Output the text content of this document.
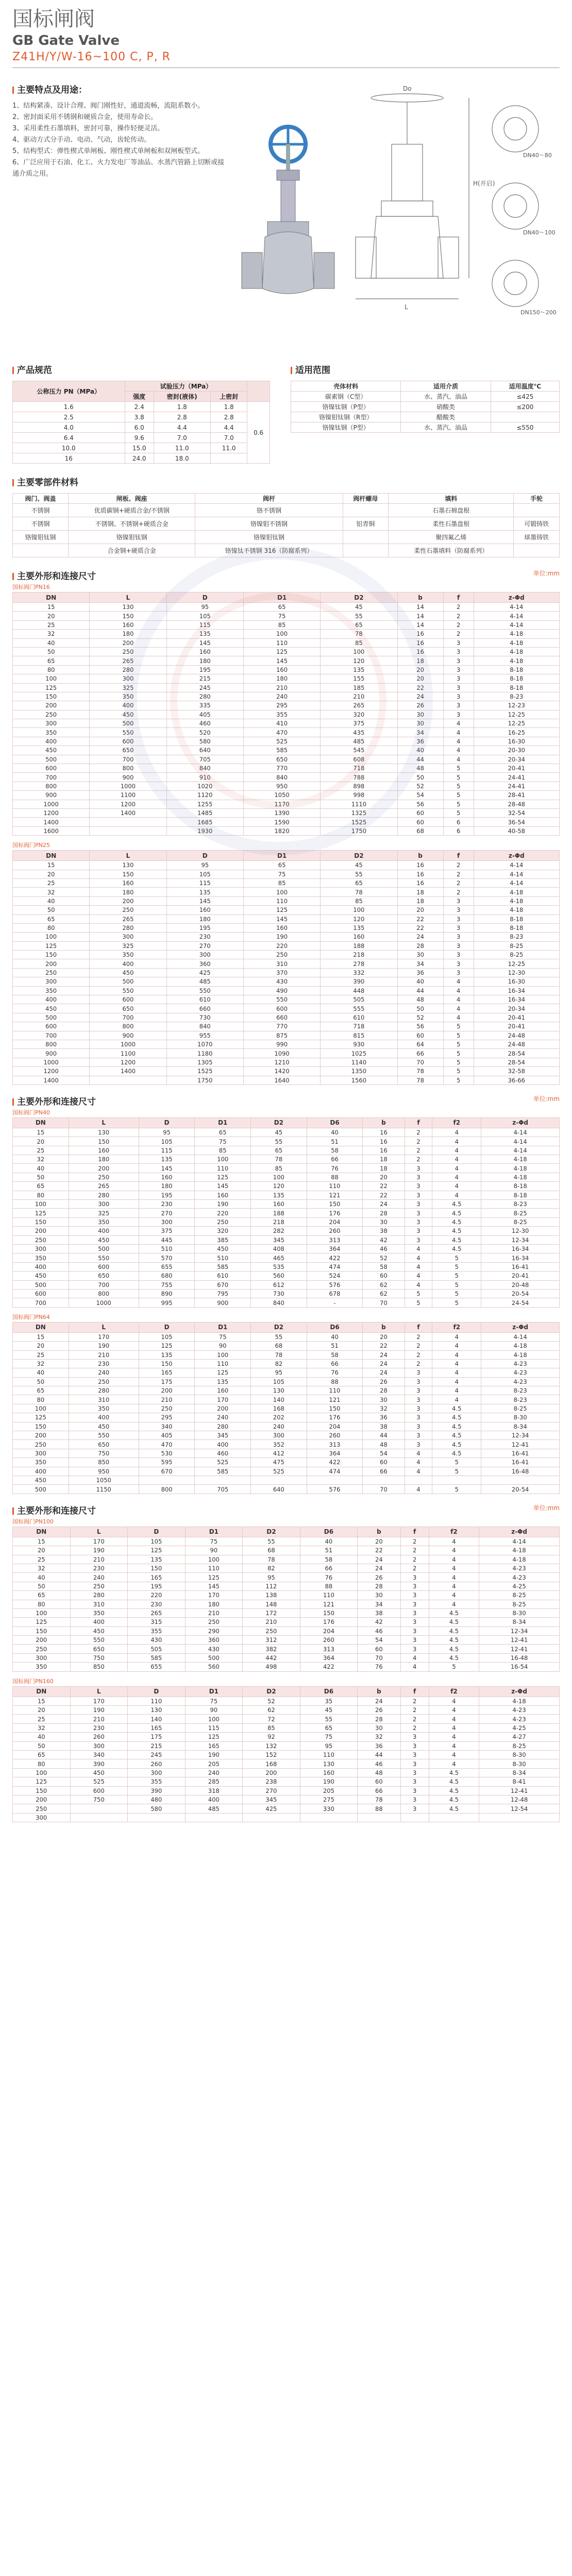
国标闸阀
GB Gate Valve
Z41H/Y/W-16~100 C, P, R
主要特点及用途：
1、结构紧凑、设计合理、阀门刚性好，通道流畅，流阻系数小。
2、密封面采用不锈钢和硬质合金，使用寿命长。
3、采用柔性石墨填料，密封可靠，操作轻便灵活。
4、驱动方式分手动、电动、气动，齿轮传动。
5、结构型式：弹性楔式单闸板、刚性楔式单闸板和双闸板型式。
6、广泛应用于石油、化工、火力发电厂等油品、水蒸汽管路上切断或接通介质之用。
Do
H(开启)
L
DN40～80
DN40～100
DN150～200
产品规范
公称压力 PN（MPa）	试验压力（MPa）			
	强度	密封(液体)	上密封	
1.6	2.4	1.8	1.8	0.6
2.5	3.8	2.8	2.8	
4.0	6.0	4.4	4.4	
6.4	9.6	7.0	7.0	
10.0	15.0	11.0	11.0	
16	24.0	18.0		
适用范围
壳体材料	适用介质	适用温度℃
碳素钢（C型）	水、蒸汽、油品	≤425
铬镍钛钢（P型）	硝酸类	≤200
铬镍钼钛钢（R型）	醋酸类	
铬镍钛钢（P型）	水、蒸汽、油品	≤550
主要零部件材料
阀门、阀盖	闸板、阀座	阀杆	阀杆螺母	填料	手轮
不锈钢	优质碳钢+硬质合金/不锈钢	铬不锈钢		石墨石棉盘根	
不锈钢	不锈钢、不锈钢+硬质合金	铬镍钼不锈钢	铝青铜	柔性石墨盘根	可锻铸铁
铬镍钼钛钢	铬镍钼钛钢	铬镍钼钛钢		聚四氟乙烯	球墨铸铁
	合金钢+硬质合金	铬镍钛不锈钢 316（防腐系列）		柔性石墨填料（防腐系列）	
主要外形和连接尺寸	单位:mm
国标阀门PN16
DN	L	D	D1	D2	b	f	z-Φd
15	130	95	65	45	14	2	4-14
20	150	105	75	55	14	2	4-14
25	160	115	85	65	14	2	4-14
32	180	135	100	78	16	2	4-18
40	200	145	110	85	16	3	4-18
50	250	160	125	100	16	3	4-18
65	265	180	145	120	18	3	4-18
80	280	195	160	135	20	3	8-18
100	300	215	180	155	20	3	8-18
125	325	245	210	185	22	3	8-18
150	350	280	240	210	24	3	8-23
200	400	335	295	265	26	3	12-23
250	450	405	355	320	30	3	12-25
300	500	460	410	375	30	4	12-25
350	550	520	470	435	34	4	16-25
400	600	580	525	485	36	4	16-30
450	650	640	585	545	40	4	20-30
500	700	705	650	608	44	4	20-34
600	800	840	770	718	48	5	20-41
700	900	910	840	788	50	5	24-41
800	1000	1020	950	898	52	5	24-41
900	1100	1120	1050	998	54	5	28-41
1000	1200	1255	1170	1110	56	5	28-48
1200	1400	1485	1390	1325	60	5	32-54
1400		1685	1590	1525	60	6	36-54
1600		1930	1820	1750	68	6	40-58
国标阀门PN25
DN	L	D	D1	D2	b	f	z-Φd
15	130	95	65	45	16	2	4-14
20	150	105	75	55	16	2	4-14
25	160	115	85	65	16	2	4-14
32	180	135	100	78	18	2	4-18
40	200	145	110	85	18	3	4-18
50	250	160	125	100	20	3	4-18
65	265	180	145	120	22	3	8-18
80	280	195	160	135	22	3	8-18
100	300	230	190	160	24	3	8-23
125	325	270	220	188	28	3	8-25
150	350	300	250	218	30	3	8-25
200	400	360	310	278	34	3	12-25
250	450	425	370	332	36	3	12-30
300	500	485	430	390	40	4	16-30
350	550	550	490	448	44	4	16-34
400	600	610	550	505	48	4	16-34
450	650	660	600	555	50	4	20-34
500	700	730	660	610	52	4	20-41
600	800	840	770	718	56	5	20-41
700	900	955	875	815	60	5	24-48
800	1000	1070	990	930	64	5	24-48
900	1100	1180	1090	1025	66	5	28-54
1000	1200	1305	1210	1140	70	5	28-54
1200	1400	1525	1420	1350	78	5	32-58
1400		1750	1640	1560	78	5	36-66
主要外形和连接尺寸	单位:mm
国标阀门PN40
DN	L	D	D1	D2	D6	b	f	f2	z-Φd
15	130	95	65	45	40	16	2	4	4-14
20	150	105	75	55	51	16	2	4	4-14
25	160	115	85	65	58	16	2	4	4-14
32	180	135	100	78	66	18	2	4	4-18
40	200	145	110	85	76	18	3	4	4-18
50	250	160	125	100	88	20	3	4	4-18
65	265	180	145	120	110	22	3	4	8-18
80	280	195	160	135	121	22	3	4	8-18
100	300	230	190	160	150	24	3	4.5	8-23
125	325	270	220	188	176	28	3	4.5	8-25
150	350	300	250	218	204	30	3	4.5	8-25
200	400	375	320	282	260	38	3	4.5	12-30
250	450	445	385	345	313	42	3	4.5	12-34
300	500	510	450	408	364	46	4	4.5	16-34
350	550	570	510	465	422	52	4	5	16-34
400	600	655	585	535	474	58	4	5	16-41
450	650	680	610	560	524	60	4	5	20-41
500	700	755	670	612	576	62	4	5	20-48
600	800	890	795	730	678	62	5	5	20-54
700	1000	995	900	840	-	70	5	5	24-54
国标阀门PN64
DN	L	D	D1	D2	D6	b	f	f2	z-Φd
15	170	105	75	55	40	20	2	4	4-14
20	190	125	90	68	51	22	2	4	4-18
25	210	135	100	78	58	24	2	4	4-18
32	230	150	110	82	66	24	2	4	4-23
40	240	165	125	95	76	24	3	4	4-23
50	250	175	135	105	88	26	3	4	4-23
65	280	200	160	130	110	28	3	4	8-23
80	310	210	170	140	121	30	3	4	8-23
100	350	250	200	168	150	32	3	4.5	8-25
125	400	295	240	202	176	36	3	4.5	8-30
150	450	340	280	240	204	38	3	4.5	8-34
200	550	405	345	300	260	44	3	4.5	12-34
250	650	470	400	352	313	48	3	4.5	12-41
300	750	530	460	412	364	54	4	4.5	16-41
350	850	595	525	475	422	60	4	5	16-41
400	950	670	585	525	474	66	4	5	16-48
450	1050								
500	1150	800	705	640	576	70	4	5	20-54
主要外形和连接尺寸	单位:mm
国标阀门PN100
DN	L	D	D1	D2	D6	b	f	f2	z-Φd
15	170	105	75	55	40	20	2	4	4-14
20	190	125	90	68	51	22	2	4	4-18
25	210	135	100	78	58	24	2	4	4-18
32	230	150	110	82	66	24	2	4	4-23
40	240	165	125	95	76	26	3	4	4-23
50	250	195	145	112	88	28	3	4	4-25
65	280	220	170	138	110	30	3	4	8-25
80	310	230	180	148	121	34	3	4	8-25
100	350	265	210	172	150	38	3	4.5	8-30
125	400	315	250	210	176	42	3	4.5	8-34
150	450	355	290	250	204	46	3	4.5	12-34
200	550	430	360	312	260	54	3	4.5	12-41
250	650	505	430	382	313	60	3	4.5	12-41
300	750	585	500	442	364	70	4	4.5	16-48
350	850	655	560	498	422	76	4	5	16-54
国标阀门PN160
DN	L	D	D1	D2	D6	b	f	f2	z-Φd
15	170	110	75	52	35	24	2	4	4-18
20	190	130	90	62	45	26	2	4	4-23
25	210	140	100	72	55	28	2	4	4-23
32	230	165	115	85	65	30	2	4	4-25
40	260	175	125	92	75	32	3	4	4-27
50	300	215	165	132	95	36	3	4	8-25
65	340	245	190	152	110	44	3	4	8-30
80	390	260	205	168	130	46	3	4	8-30
100	450	300	240	200	160	48	3	4.5	8-34
125	525	355	285	238	190	60	3	4.5	8-41
150	600	390	318	270	205	66	3	4.5	12-41
200	750	480	400	345	275	78	3	4.5	12-48
250		580	485	425	330	88	3	4.5	12-54
300									
